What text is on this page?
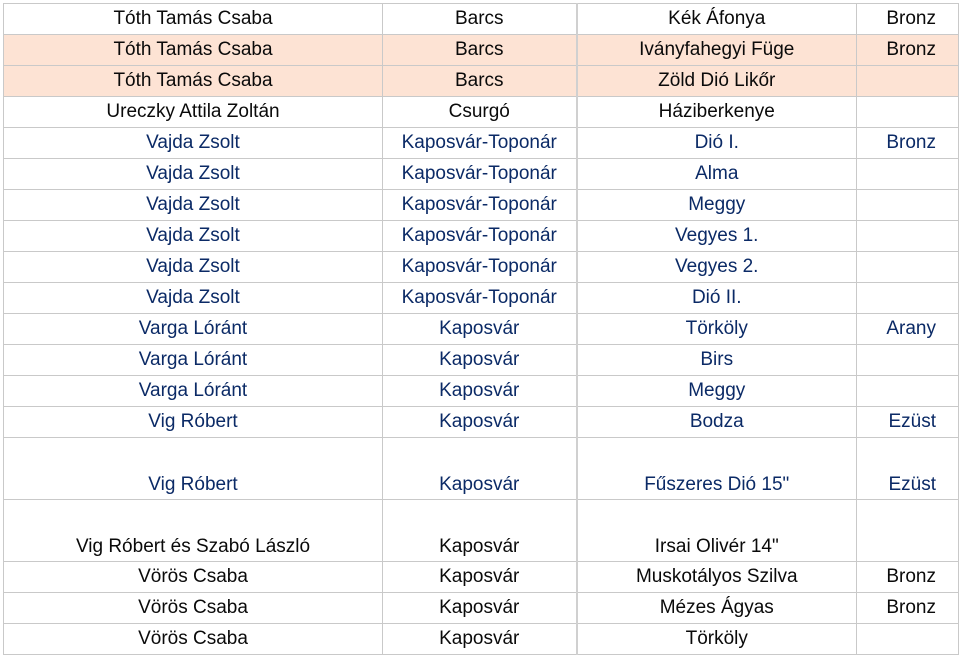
Tóth Tamás Csaba	Barcs	Kék Áfonya	Bronz
Tóth Tamás Csaba	Barcs	Iványfahegyi Füge	Bronz
Tóth Tamás Csaba	Barcs	Zöld Dió Likőr	
Ureczky Attila Zoltán	Csurgó	Háziberkenye	
Vajda Zsolt	Kaposvár-Toponár	Dió I.	Bronz
Vajda Zsolt	Kaposvár-Toponár	Alma	
Vajda Zsolt	Kaposvár-Toponár	Meggy	
Vajda Zsolt	Kaposvár-Toponár	Vegyes 1.	
Vajda Zsolt	Kaposvár-Toponár	Vegyes 2.	
Vajda Zsolt	Kaposvár-Toponár	Dió II.	
Varga Lóránt	Kaposvár	Törköly	Arany
Varga Lóránt	Kaposvár	Birs	
Varga Lóránt	Kaposvár	Meggy	
Vig Róbert	Kaposvár	Bodza	Ezüst
Vig Róbert	Kaposvár	Fűszeres Dió 15"	Ezüst
Vig Róbert és Szabó László	Kaposvár	Irsai Olivér 14"	
Vörös Csaba	Kaposvár	Muskotályos Szilva	Bronz
Vörös Csaba	Kaposvár	Mézes Ágyas	Bronz
Vörös Csaba	Kaposvár	Törköly	
